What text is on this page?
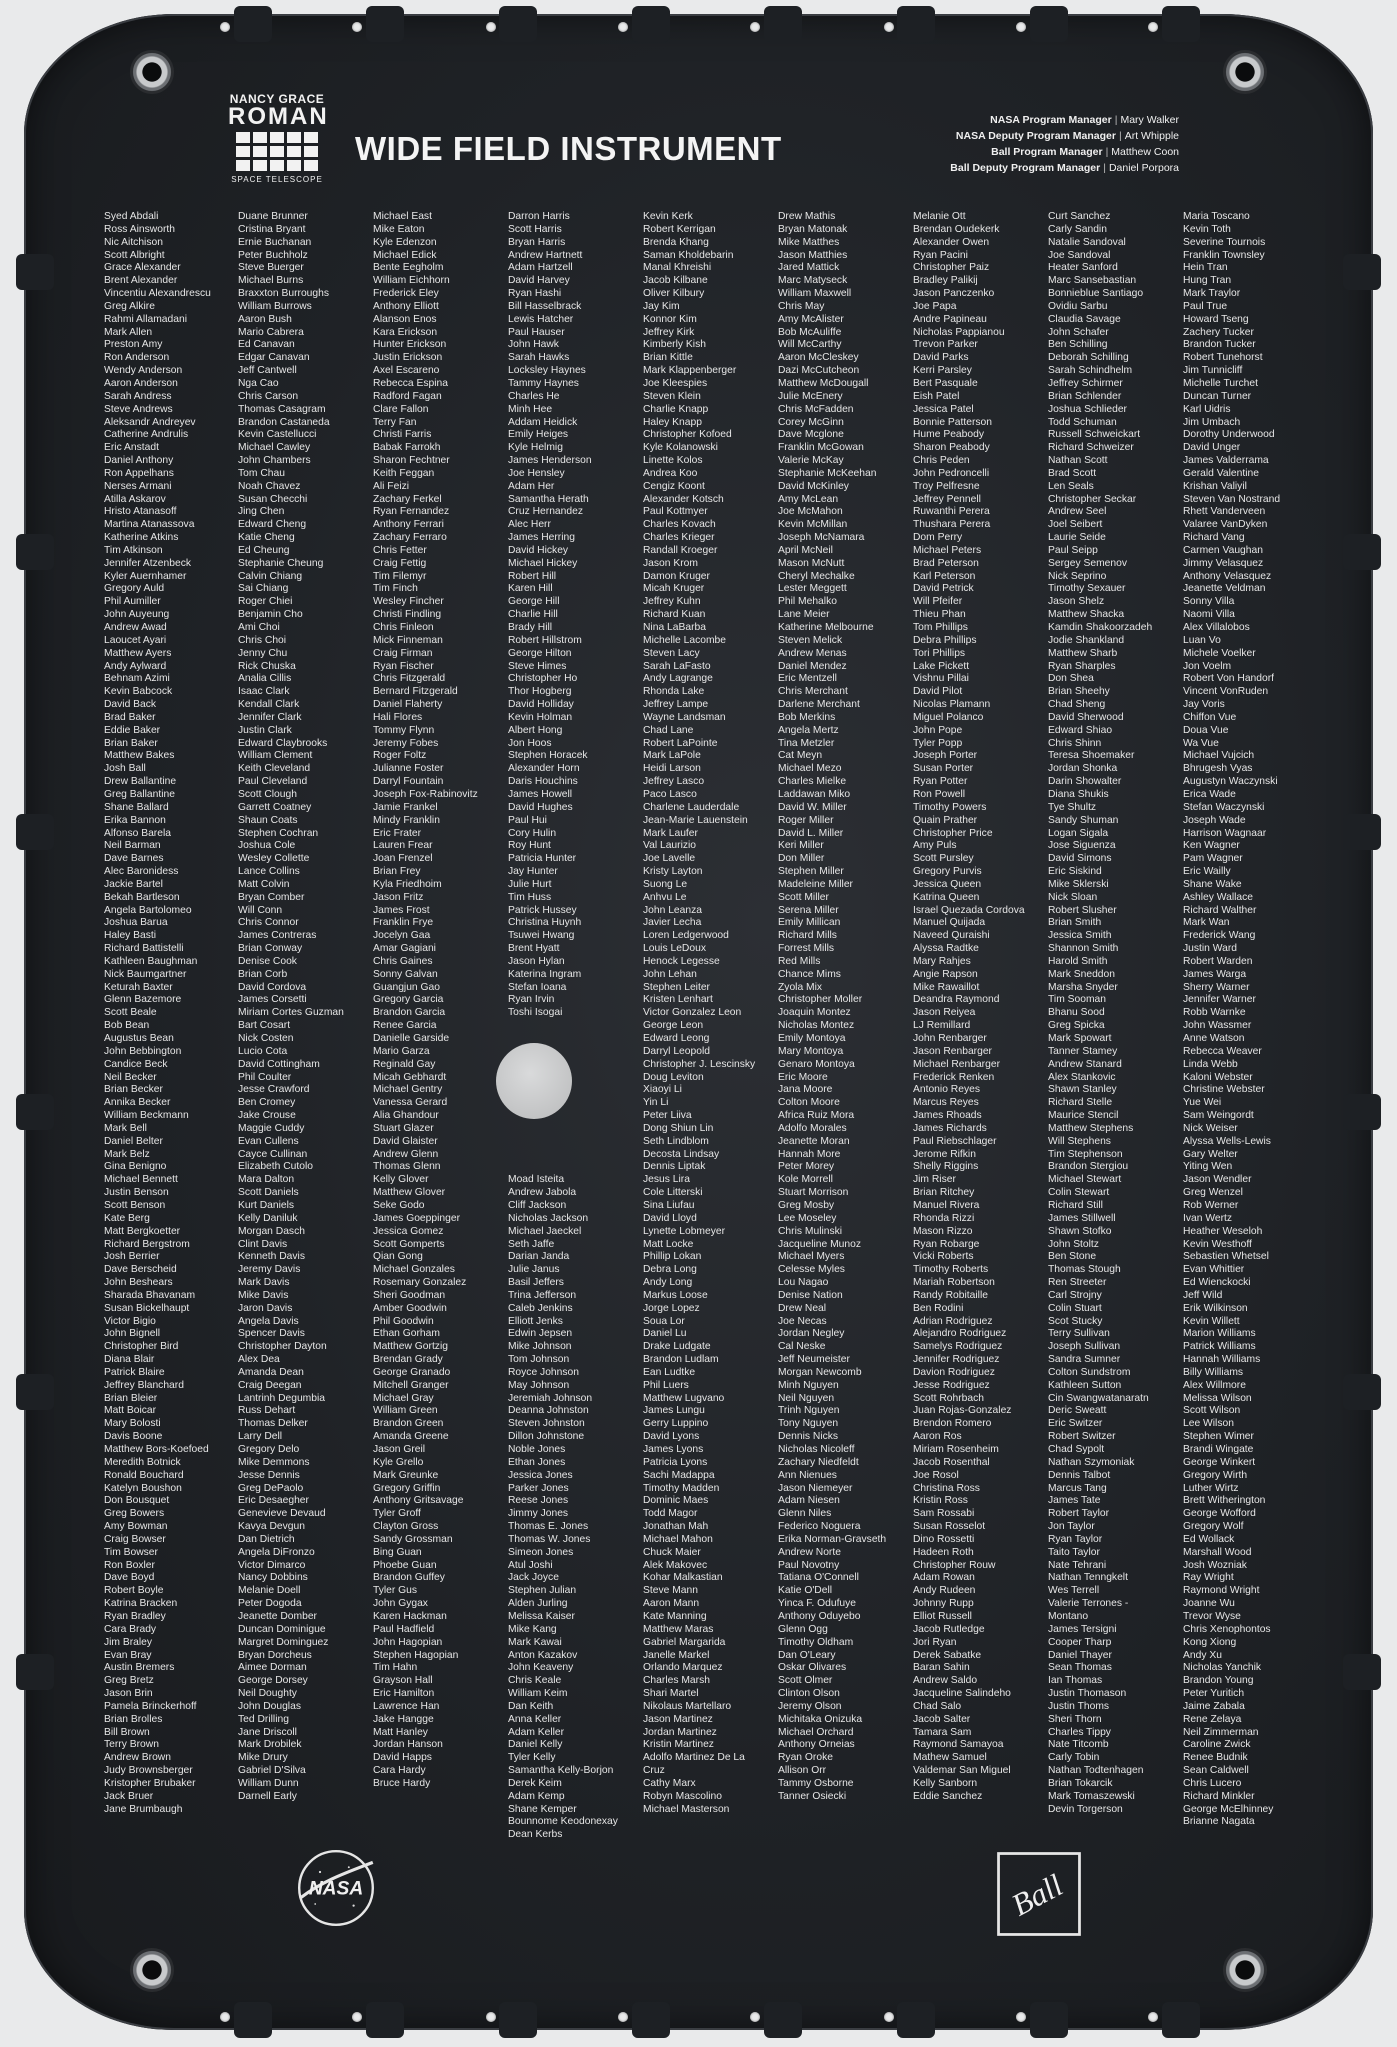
NANCY GRACE
ROMAN
SPACE TELESCOPE
WIDE FIELD INSTRUMENT
NASA Program Manager | Mary Walker
NASA Deputy Program Manager | Art Whipple
Ball Program Manager | Matthew Coon
Ball Deputy Program Manager | Daniel Porpora
Syed Abdali
Ross Ainsworth
Nic Aitchison
Scott Albright
Grace Alexander
Brent Alexander
Vincentiu Alexandrescu
Greg Alkire
Rahmi Allamadani
Mark Allen
Preston Amy
Ron Anderson
Wendy Anderson
Aaron Anderson
Sarah Andress
Steve Andrews
Aleksandr Andreyev
Catherine Andrulis
Eric Anstadt
Daniel Anthony
Ron Appelhans
Nerses Armani
Atilla Askarov
Hristo Atanasoff
Martina Atanassova
Katherine Atkins
Tim Atkinson
Jennifer Atzenbeck
Kyler Auernhamer
Gregory Auld
Phil Aumiller
John Auyeung
Andrew Awad
Laoucet Ayari
Matthew Ayers
Andy Aylward
Behnam Azimi
Kevin Babcock
David Back
Brad Baker
Eddie Baker
Brian Baker
Matthew Bakes
Josh Ball
Drew Ballantine
Greg Ballantine
Shane Ballard
Erika Bannon
Alfonso Barela
Neil Barman
Dave Barnes
Alec Baronidess
Jackie Bartel
Bekah Bartleson
Angela Bartolomeo
Joshua Barua
Haley Basti
Richard Battistelli
Kathleen Baughman
Nick Baumgartner
Keturah Baxter
Glenn Bazemore
Scott Beale
Bob Bean
Augustus Bean
John Bebbington
Candice Beck
Neil Becker
Brian Becker
Annika Becker
William Beckmann
Mark Bell
Daniel Belter
Mark Belz
Gina Benigno
Michael Bennett
Justin Benson
Scott Benson
Kate Berg
Matt Bergkoetter
Richard Bergstrom
Josh Berrier
Dave Berscheid
John Beshears
Sharada Bhavanam
Susan Bickelhaupt
Victor Bigio
John Bignell
Christopher Bird
Diana Blair
Patrick Blaire
Jeffrey Blanchard
Brian Bleier
Matt Boicar
Mary Bolosti
Davis Boone
Matthew Bors-Koefoed
Meredith Botnick
Ronald Bouchard
Katelyn Boushon
Don Bousquet
Greg Bowers
Amy Bowman
Craig Bowser
Tim Bowser
Ron Boxler
Dave Boyd
Robert Boyle
Katrina Bracken
Ryan Bradley
Cara Brady
Jim Braley
Evan Bray
Austin Bremers
Greg Bretz
Jason Brin
Pamela Brinckerhoff
Brian Brolles
Bill Brown
Terry Brown
Andrew Brown
Judy Brownsberger
Kristopher Brubaker
Jack Bruer
Jane Brumbaugh
Duane Brunner
Cristina Bryant
Ernie Buchanan
Peter Buchholz
Steve Buerger
Michael Burns
Braxxton Burroughs
William Burrows
Aaron Bush
Mario Cabrera
Ed Canavan
Edgar Canavan
Jeff Cantwell
Nga Cao
Chris Carson
Thomas Casagram
Brandon Castaneda
Kevin Castellucci
Michael Cawley
John Chambers
Tom Chau
Noah Chavez
Susan Checchi
Jing Chen
Edward Cheng
Katie Cheng
Ed Cheung
Stephanie Cheung
Calvin Chiang
Sai Chiang
Roger Chiei
Benjamin Cho
Ami Choi
Chris Choi
Jenny Chu
Rick Chuska
Analia Cillis
Isaac Clark
Kendall Clark
Jennifer Clark
Justin Clark
Edward Claybrooks
William Clement
Keith Cleveland
Paul Cleveland
Scott Clough
Garrett Coatney
Shaun Coats
Stephen Cochran
Joshua Cole
Wesley Collette
Lance Collins
Matt Colvin
Bryan Comber
Will Conn
Chris Connor
James Contreras
Brian Conway
Denise Cook
Brian Corb
David Cordova
James Corsetti
Miriam Cortes Guzman
Bart Cosart
Nick Costen
Lucio Cota
David Cottingham
Phil Coulter
Jesse Crawford
Ben Cromey
Jake Crouse
Maggie Cuddy
Evan Cullens
Cayce Cullinan
Elizabeth Cutolo
Mara Dalton
Scott Daniels
Kurt Daniels
Kelly Daniluk
Morgan Dasch
Clint Davis
Kenneth Davis
Jeremy Davis
Mark Davis
Mike Davis
Jaron Davis
Angela Davis
Spencer Davis
Christopher Dayton
Alex Dea
Amanda Dean
Craig Deegan
Lantrinh Degumbia
Russ Dehart
Thomas Delker
Larry Dell
Gregory Delo
Mike Demmons
Jesse Dennis
Greg DePaolo
Eric Desaegher
Genevieve Devaud
Kavya Devgun
Dan Dietrich
Angela DiFronzo
Victor Dimarco
Nancy Dobbins
Melanie Doell
Peter Dogoda
Jeanette Domber
Duncan Dominigue
Margret Dominguez
Bryan Dorcheus
Aimee Dorman
George Dorsey
Neil Doughty
John Douglas
Ted Drilling
Jane Driscoll
Mark Drobilek
Mike Drury
Gabriel D'Silva
William Dunn
Darnell Early
Michael East
Mike Eaton
Kyle Edenzon
Michael Edick
Bente Eegholm
William Eichhorn
Frederick Eley
Anthony Elliott
Alanson Enos
Kara Erickson
Hunter Erickson
Justin Erickson
Axel Escareno
Rebecca Espina
Radford Fagan
Clare Fallon
Terry Fan
Christi Farris
Babak Farrokh
Sharon Fechtner
Keith Feggan
Ali Feizi
Zachary Ferkel
Ryan Fernandez
Anthony Ferrari
Zachary Ferraro
Chris Fetter
Craig Fettig
Tim Filemyr
Tim Finch
Wesley Fincher
Christi Findling
Chris Finleon
Mick Finneman
Craig Firman
Ryan Fischer
Chris Fitzgerald
Bernard Fitzgerald
Daniel Flaherty
Hali Flores
Tommy Flynn
Jeremy Fobes
Roger Foltz
Julianne Foster
Darryl Fountain
Joseph Fox-Rabinovitz
Jamie Frankel
Mindy Franklin
Eric Frater
Lauren Frear
Joan Frenzel
Brian Frey
Kyla Friedhoim
Jason Fritz
James Frost
Franklin Frye
Jocelyn Gaa
Amar Gagiani
Chris Gaines
Sonny Galvan
Guangjun Gao
Gregory Garcia
Brandon Garcia
Renee Garcia
Danielle Garside
Mario Garza
Reginald Gay
Micah Gebhardt
Michael Gentry
Vanessa Gerard
Alia Ghandour
Stuart Glazer
David Glaister
Andrew Glenn
Thomas Glenn
Kelly Glover
Matthew Glover
Seke Godo
James Goeppinger
Jessica Gomez
Scott Gomperts
Qian Gong
Michael Gonzales
Rosemary Gonzalez
Sheri Goodman
Amber Goodwin
Phil Goodwin
Ethan Gorham
Matthew Gortzig
Brendan Grady
George Granado
Mitchell Granger
Michael Gray
William Green
Brandon Green
Amanda Greene
Jason Greil
Kyle Grello
Mark Greunke
Gregory Griffin
Anthony Gritsavage
Tyler Groff
Clayton Gross
Sandy Grossman
Bing Guan
Phoebe Guan
Brandon Guffey
Tyler Gus
John Gygax
Karen Hackman
Paul Hadfield
John Hagopian
Stephen Hagopian
Tim Hahn
Grayson Hall
Eric Hamilton
Lawrence Han
Jake Hangge
Matt Hanley
Jordan Hanson
David Happs
Cara Hardy
Bruce Hardy
Darron Harris
Scott Harris
Bryan Harris
Andrew Hartnett
Adam Hartzell
David Harvey
Ryan Hashi
Bill Hasselbrack
Lewis Hatcher
Paul Hauser
John Hawk
Sarah Hawks
Locksley Haynes
Tammy Haynes
Charles He
Minh Hee
Addam Heidick
Emily Heiges
Kyle Helmig
James Henderson
Joe Hensley
Adam Her
Samantha Herath
Cruz Hernandez
Alec Herr
James Herring
David Hickey
Michael Hickey
Robert Hill
Karen Hill
George Hill
Charlie Hill
Brady Hill
Robert Hillstrom
George Hilton
Steve Himes
Christopher Ho
Thor Hogberg
David Holliday
Kevin Holman
Albert Hong
Jon Hoos
Stephen Horacek
Alexander Horn
Daris Houchins
James Howell
David Hughes
Paul Hui
Cory Hulin
Roy Hunt
Patricia Hunter
Jay Hunter
Julie Hurt
Tim Huss
Patrick Hussey
Christina Huynh
Tsuwei Hwang
Brent Hyatt
Jason Hylan
Katerina Ingram
Stefan Ioana
Ryan Irvin
Toshi Isogai

Moad Isteita
Andrew Jabola
Cliff Jackson
Nicholas Jackson
Michael Jaeckel
Seth Jaffe
Darian Janda
Julie Janus
Basil Jeffers
Trina Jefferson
Caleb Jenkins
Elliott Jenks
Edwin Jepsen
Mike Johnson
Tom Johnson
Royce Johnson
May Johnson
Jeremiah Johnson
Deanna Johnston
Steven Johnston
Dillon Johnstone
Noble Jones
Ethan Jones
Jessica Jones
Parker Jones
Reese Jones
Jimmy Jones
Thomas E. Jones
Thomas W. Jones
Simeon Jones
Atul Joshi
Jack Joyce
Stephen Julian
Alden Jurling
Melissa Kaiser
Mike Kang
Mark Kawai
Anton Kazakov
John Keaveny
Chris Keale
William Keim
Dan Keith
Anna Keller
Adam Keller
Daniel Kelly
Tyler Kelly
Samantha Kelly-Borjon
Derek Keim
Adam Kemp
Shane Kemper
Bounnome Keodonexay
Dean Kerbs
Kevin Kerk
Robert Kerrigan
Brenda Khang
Saman Kholdebarin
Manal Khreishi
Jacob Kilbane
Oliver Kilbury
Jay Kim
Konnor Kim
Jeffrey Kirk
Kimberly Kish
Brian Kittle
Mark Klappenberger
Joe Kleespies
Steven Klein
Charlie Knapp
Haley Knapp
Christopher Kofoed
Kyle Kolanowski
Linette Kolos
Andrea Koo
Cengiz Koont
Alexander Kotsch
Paul Kottmyer
Charles Kovach
Charles Krieger
Randall Kroeger
Jason Krom
Damon Kruger
Micah Kruger
Jeffrey Kuhn
Richard Kuan
Nina LaBarba
Michelle Lacombe
Steven Lacy
Sarah LaFasto
Andy Lagrange
Rhonda Lake
Jeffrey Lampe
Wayne Landsman
Chad Lane
Robert LaPointe
Mark LaPole
Heidi Larson
Jeffrey Lasco
Paco Lasco
Charlene Lauderdale
Jean-Marie Lauenstein
Mark Laufer
Val Laurizio
Joe Lavelle
Kristy Layton
Suong Le
Anhvu Le
John Leanza
Javier Lecha
Loren Ledgerwood
Louis LeDoux
Henock Legesse
John Lehan
Stephen Leiter
Kristen Lenhart
Victor Gonzalez Leon
George Leon
Edward Leong
Darryl Leopold
Christopher J. Lescinsky
Doug Leviton
Xiaoyi Li
Yin Li
Peter Liiva
Dong Shiun Lin
Seth Lindblom
Decosta Lindsay
Dennis Liptak
Jesus Lira
Cole Litterski
Sina Liufau
David Lloyd
Lynette Lobmeyer
Matt Locke
Phillip Lokan
Debra Long
Andy Long
Markus Loose
Jorge Lopez
Soua Lor
Daniel Lu
Drake Ludgate
Brandon Ludlam
Ean Ludtke
Phil Luers
Matthew Lugvano
James Lungu
Gerry Luppino
David Lyons
James Lyons
Patricia Lyons
Sachi Madappa
Timothy Madden
Dominic Maes
Todd Magor
Jonathan Mah
Michael Mahon
Chuck Maier
Alek Makovec
Kohar Malkastian
Steve Mann
Aaron Mann
Kate Manning
Matthew Maras
Gabriel Margarida
Janelle Markel
Orlando Marquez
Charles Marsh
Shari Martel
Nikolaus Martellaro
Jason Martinez
Jordan Martinez
Kristin Martinez
Adolfo Martinez De La
Cruz
Cathy Marx
Robyn Mascolino
Michael Masterson
Drew Mathis
Bryan Matonak
Mike Matthes
Jason Matthies
Jared Mattick
Marc Matyseck
William Maxwell
Chris May
Amy McAlister
Bob McAuliffe
Will McCarthy
Aaron McCleskey
Dazi McCutcheon
Matthew McDougall
Julie McEnery
Chris McFadden
Corey McGinn
Dave Mcglone
Franklin McGowan
Valerie McKay
Stephanie McKeehan
David McKinley
Amy McLean
Joe McMahon
Kevin McMillan
Joseph McNamara
April McNeil
Mason McNutt
Cheryl Mechalke
Lester Meggett
Phil Mehalko
Lane Meier
Katherine Melbourne
Steven Melick
Andrew Menas
Daniel Mendez
Eric Mentzell
Chris Merchant
Darlene Merchant
Bob Merkins
Angela Mertz
Tina Metzler
Cat Meyn
Michael Mezo
Charles Mielke
Laddawan Miko
David W. Miller
Roger Miller
David L. Miller
Keri Miller
Don Miller
Stephen Miller
Madeleine Miller
Scott Miller
Serena Miller
Emily Millican
Richard Mills
Forrest Mills
Red Mills
Chance Mims
Zyola Mix
Christopher Moller
Joaquin Montez
Nicholas Montez
Emily Montoya
Mary Montoya
Genaro Montoya
Eric Moore
Jana Moore
Colton Moore
Africa Ruiz Mora
Adolfo Morales
Jeanette Moran
Hannah More
Peter Morey
Kole Morrell
Stuart Morrison
Greg Mosby
Lee Moseley
Chris Mulinski
Jacqueline Munoz
Michael Myers
Celesse Myles
Lou Nagao
Denise Nation
Drew Neal
Joe Necas
Jordan Negley
Cal Neske
Jeff Neumeister
Morgan Newcomb
Minh Nguyen
Neil Nguyen
Trinh Nguyen
Tony Nguyen
Dennis Nicks
Nicholas Nicoleff
Zachary Niedfeldt
Ann Nienues
Jason Niemeyer
Adam Niesen
Glenn Niles
Federico Noguera
Erika Norman-Gravseth
Andrew Norte
Paul Novotny
Tatiana O'Connell
Katie O'Dell
Yinca F. Odufuye
Anthony Oduyebo
Glenn Ogg
Timothy Oldham
Dan O'Leary
Oskar Olivares
Scott Olmer
Clinton Olson
Jeremy Olson
Michitaka Onizuka
Michael Orchard
Anthony Orneias
Ryan Oroke
Allison Orr
Tammy Osborne
Tanner Osiecki
Melanie Ott
Brendan Oudekerk
Alexander Owen
Ryan Pacini
Christopher Paiz
Bradley Palikij
Jason Panczenko
Joe Papa
Andre Papineau
Nicholas Pappianou
Trevon Parker
David Parks
Kerri Parsley
Bert Pasquale
Eish Patel
Jessica Patel
Bonnie Patterson
Hume Peabody
Sharon Peabody
Chris Peden
John Pedroncelli
Troy Pelfresne
Jeffrey Pennell
Ruwanthi Perera
Thushara Perera
Dom Perry
Michael Peters
Brad Peterson
Karl Peterson
David Petrick
Will Pfeifer
Thieu Phan
Tom Phillips
Debra Phillips
Tori Phillips
Lake Pickett
Vishnu Pillai
David Pilot
Nicolas Plamann
Miguel Polanco
John Pope
Tyler Popp
Joseph Porter
Susan Porter
Ryan Potter
Ron Powell
Timothy Powers
Quain Prather
Christopher Price
Amy Puls
Scott Pursley
Gregory Purvis
Jessica Queen
Katrina Queen
Israel Quezada Cordova
Manuel Quijada
Naveed Quraishi
Alyssa Radtke
Mary Rahjes
Angie Rapson
Mike Rawaillot
Deandra Raymond
Jason Reiyea
LJ Remillard
John Renbarger
Jason Renbarger
Michael Renbarger
Frederick Renken
Antonio Reyes
Marcus Reyes
James Rhoads
James Richards
Paul Riebschlager
Jerome Rifkin
Shelly Riggins
Jim Riser
Brian Ritchey
Manuel Rivera
Rhonda Rizzi
Mason Rizzo
Ryan Robarge
Vicki Roberts
Timothy Roberts
Mariah Robertson
Randy Robitaille
Ben Rodini
Adrian Rodriguez
Alejandro Rodriguez
Samelys Rodriguez
Jennifer Rodriguez
Davion Rodriguez
Jesse Rodriguez
Scott Rohrbach
Juan Rojas-Gonzalez
Brendon Romero
Aaron Ros
Miriam Rosenheim
Jacob Rosenthal
Joe Rosol
Christina Ross
Kristin Ross
Sam Rossabi
Susan Rosselot
Dino Rossetti
Hadeen Roth
Christopher Rouw
Adam Rowan
Andy Rudeen
Johnny Rupp
Elliot Russell
Jacob Rutledge
Jori Ryan
Derek Sabatke
Baran Sahin
Andrew Saldo
Jacqueline Salindeho
Chad Salo
Jacob Salter
Tamara Sam
Raymond Samayoa
Mathew Samuel
Valdemar San Miguel
Kelly Sanborn
Eddie Sanchez
Curt Sanchez
Carly Sandin
Natalie Sandoval
Joe Sandoval
Heater Sanford
Marc Sansebastian
Bonnieblue Santiago
Ovidiu Sarbu
Claudia Savage
John Schafer
Ben Schilling
Deborah Schilling
Sarah Schindhelm
Jeffrey Schirmer
Brian Schlender
Joshua Schlieder
Todd Schuman
Russell Schweickart
Richard Schweizer
Nathan Scott
Brad Scott
Len Seals
Christopher Seckar
Andrew Seel
Joel Seibert
Laurie Seide
Paul Seipp
Sergey Semenov
Nick Seprino
Timothy Sexauer
Jason Shelz
Matthew Shacka
Kamdin Shakoorzadeh
Jodie Shankland
Matthew Sharb
Ryan Sharples
Don Shea
Brian Sheehy
Chad Sheng
David Sherwood
Edward Shiao
Chris Shinn
Teresa Shoemaker
Jordan Shonka
Darin Showalter
Diana Shukis
Tye Shultz
Sandy Shuman
Logan Sigala
Jose Siguenza
David Simons
Eric Siskind
Mike Sklerski
Nick Sloan
Robert Slusher
Brian Smith
Jessica Smith
Shannon Smith
Harold Smith
Mark Sneddon
Marsha Snyder
Tim Sooman
Bhanu Sood
Greg Spicka
Mark Spowart
Tanner Stamey
Andrew Stanard
Alex Stankovic
Shawn Stanley
Richard Stelle
Maurice Stencil
Matthew Stephens
Will Stephens
Tim Stephenson
Brandon Stergiou
Michael Stewart
Colin Stewart
Richard Still
James Stillwell
Shawn Stofko
John Stoltz
Ben Stone
Thomas Stough
Ren Streeter
Carl Strojny
Colin Stuart
Scot Stucky
Terry Sullivan
Joseph Sullivan
Sandra Sumner
Colton Sundstrom
Kathleen Sutton
Cin Swangwatanaratn
Deric Sweatt
Eric Switzer
Robert Switzer
Chad Sypolt
Nathan Szymoniak
Dennis Talbot
Marcus Tang
James Tate
Robert Taylor
Jon Taylor
Ryan Taylor
Taito Taylor
Nate Tehrani
Nathan Tenngkelt
Wes Terrell
Valerie Terrones -
Montano
James Tersigni
Cooper Tharp
Daniel Thayer
Sean Thomas
Ian Thomas
Justin Thomason
Justin Thoms
Sheri Thorn
Charles Tippy
Nate Titcomb
Carly Tobin
Nathan Todtenhagen
Brian Tokarcik
Mark Tomaszewski
Devin Torgerson
Maria Toscano
Kevin Toth
Severine Tournois
Franklin Townsley
Hein Tran
Hung Tran
Mark Traylor
Paul True
Howard Tseng
Zachery Tucker
Brandon Tucker
Robert Tunehorst
Jim Tunnicliff
Michelle Turchet
Duncan Turner
Karl Uidris
Jim Umbach
Dorothy Underwood
David Unger
James Valderrama
Gerald Valentine
Krishan Valiyil
Steven Van Nostrand
Rhett Vanderveen
Valaree VanDyken
Richard Vang
Carmen Vaughan
Jimmy Velasquez
Anthony Velasquez
Jeanette Veldman
Sonny Villa
Naomi Villa
Alex Villalobos
Luan Vo
Michele Voelker
Jon Voelm
Robert Von Handorf
Vincent VonRuden
Jay Voris
Chiffon Vue
Doua Vue
Wa Vue
Michael Vujcich
Bhrugesh Vyas
Augustyn Waczynski
Erica Wade
Stefan Waczynski
Joseph Wade
Harrison Wagnaar
Ken Wagner
Pam Wagner
Eric Wailly
Shane Wake
Ashley Wallace
Richard Walther
Mark Wan
Frederick Wang
Justin Ward
Robert Warden
James Warga
Sherry Warner
Jennifer Warner
Robb Warnke
John Wassmer
Anne Watson
Rebecca Weaver
Linda Webb
Kaloni Webster
Christine Webster
Yue Wei
Sam Weingordt
Nick Weiser
Alyssa Wells-Lewis
Gary Welter
Yiting Wen
Jason Wendler
Greg Wenzel
Rob Werner
Ivan Wertz
Heather Weseloh
Kevin Westhoff
Sebastien Whetsel
Evan Whittier
Ed Wienckocki
Jeff Wild
Erik Wilkinson
Kevin Willett
Marion Williams
Patrick Williams
Hannah Williams
Billy Williams
Alex Willmore
Melissa Wilson
Scott Wilson
Lee Wilson
Stephen Wimer
Brandi Wingate
George Winkert
Gregory Wirth
Luther Wirtz
Brett Witherington
George Wofford
Gregory Wolf
Ed Wollack
Marshall Wood
Josh Wozniak
Ray Wright
Raymond Wright
Joanne Wu
Trevor Wyse
Chris Xenophontos
Kong Xiong
Andy Xu
Nicholas Yanchik
Brandon Young
Peter Yuritich
Jaime Zabala
Rene Zelaya
Neil Zimmerman
Caroline Zwick
Renee Budnik
Sean Caldwell
Chris Lucero
Richard Minkler
George McElhinney
Brianne Nagata
NASA	Ball
